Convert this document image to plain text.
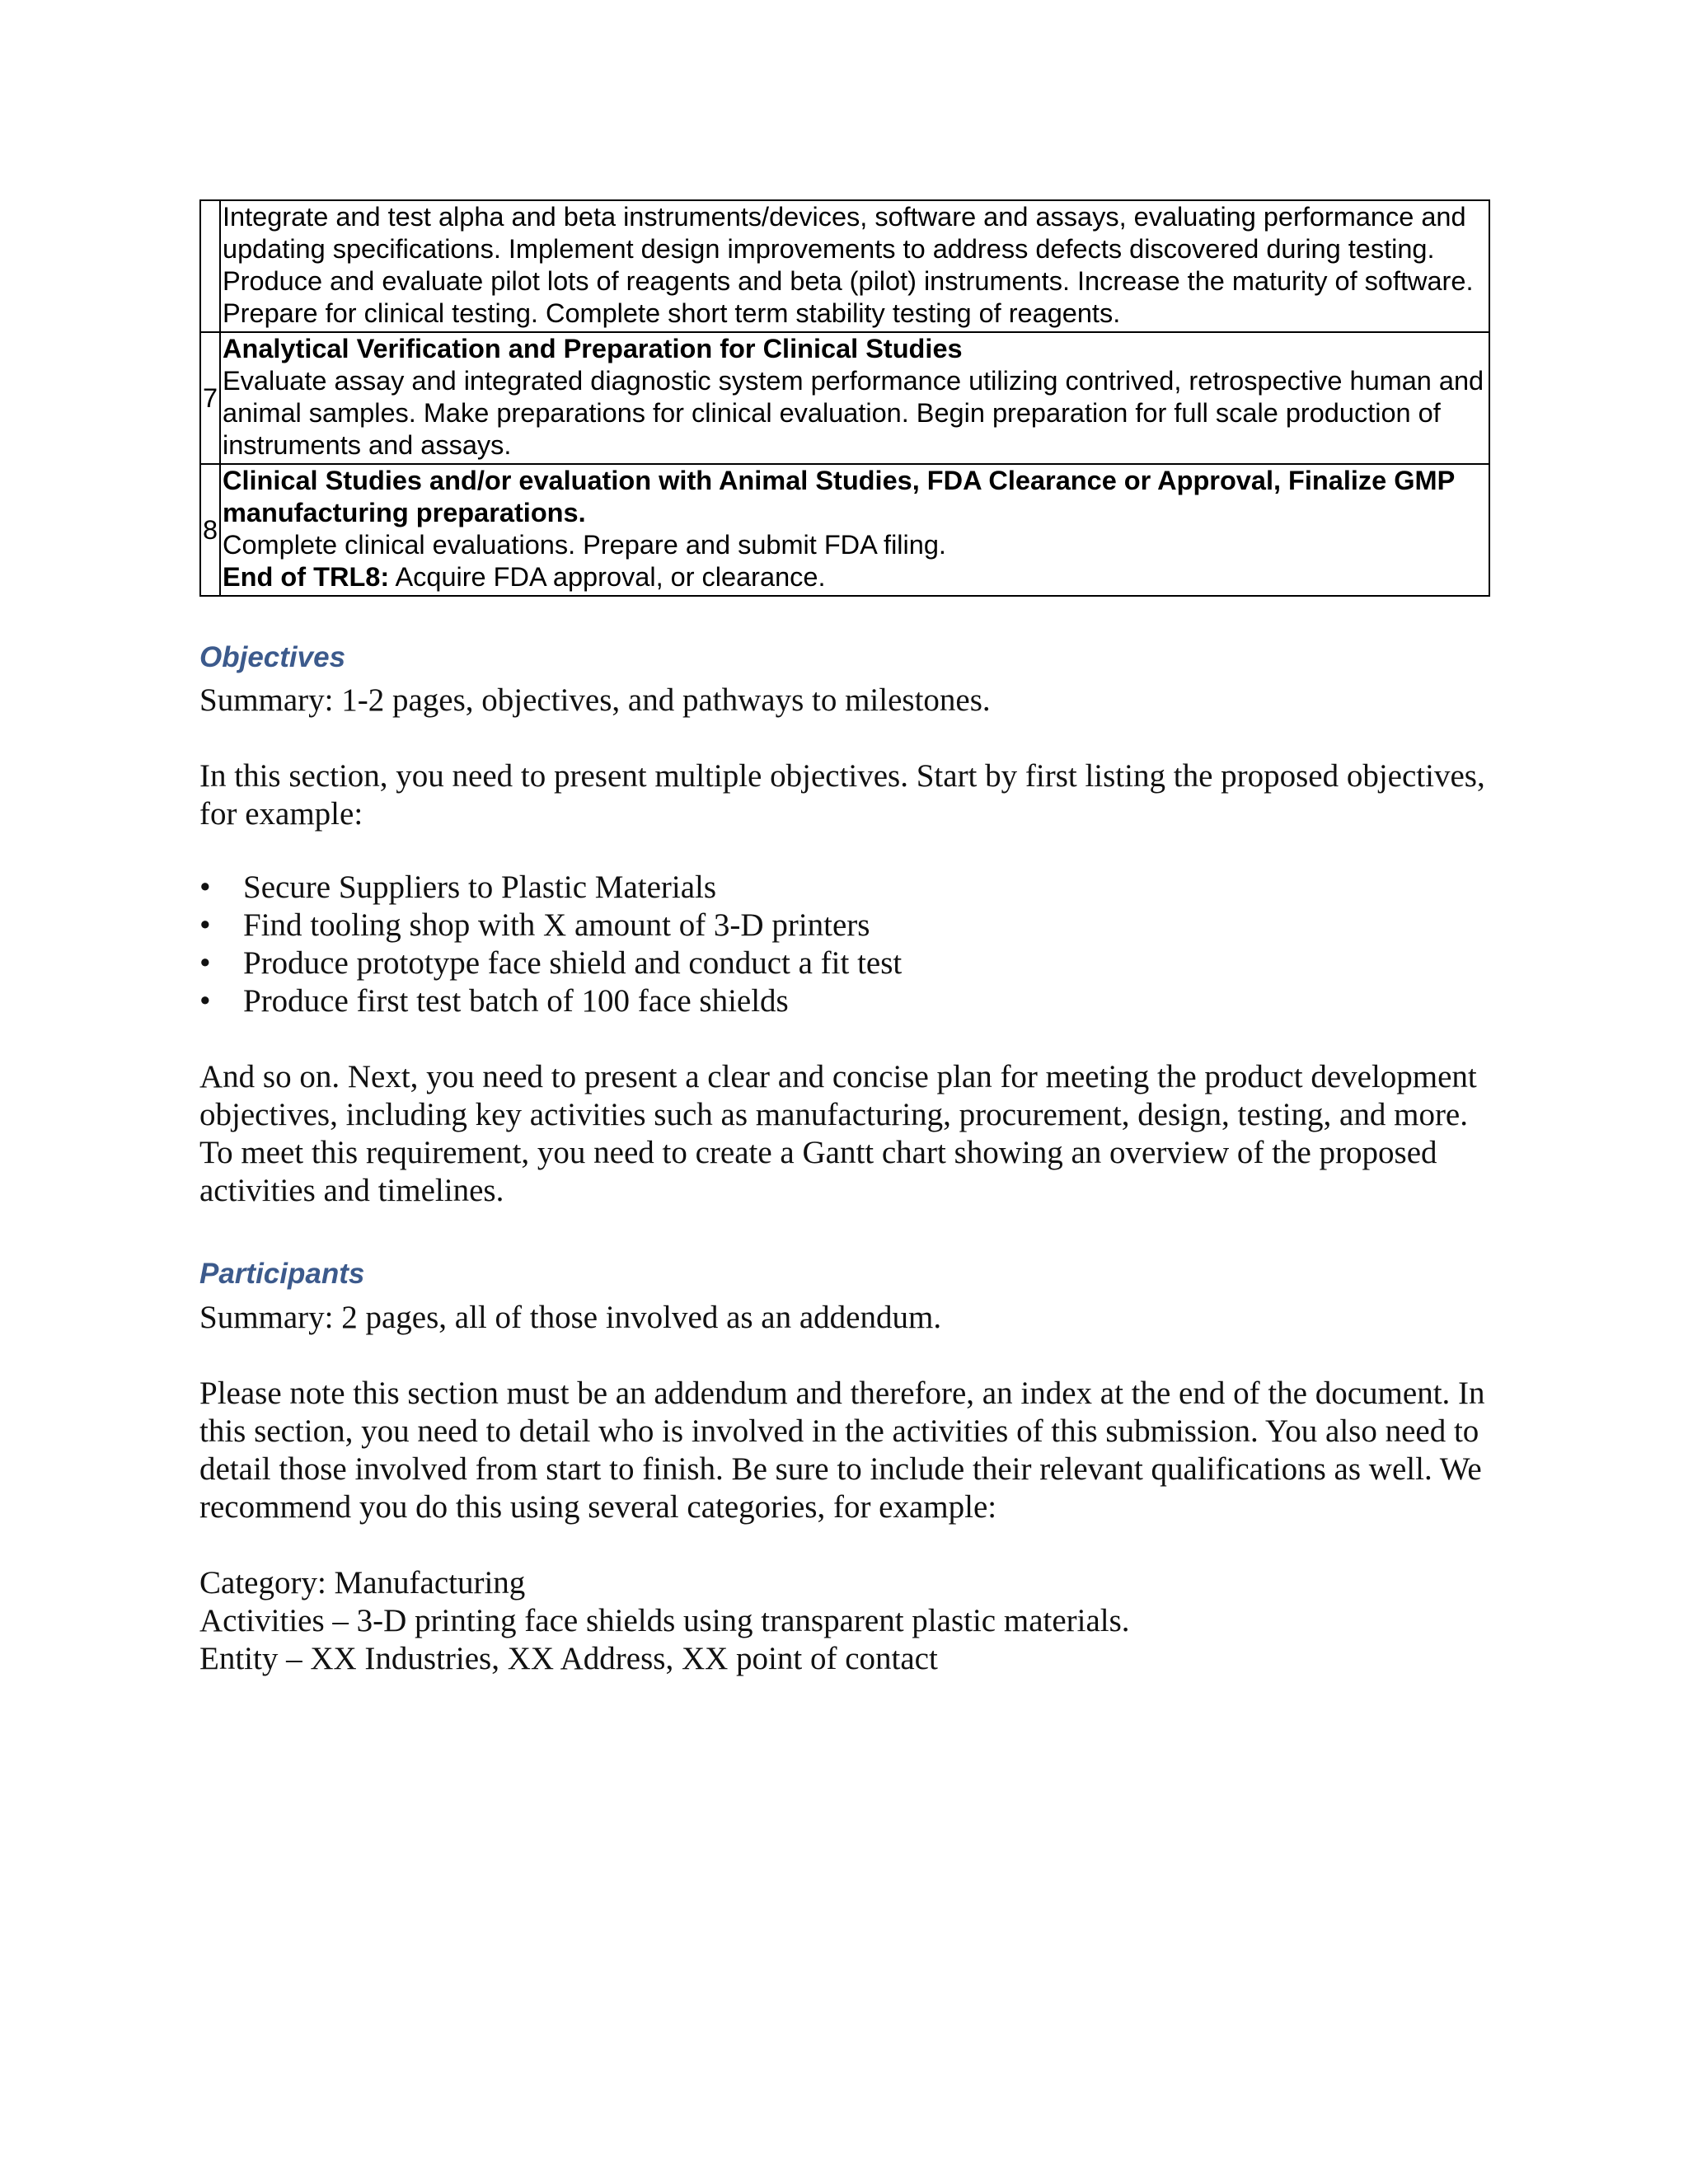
	Integrate and test alpha and beta instruments/devices, software and assays, evaluating performance and updating specifications. Implement design improvements to address defects discovered during testing. Produce and evaluate pilot lots of reagents and beta (pilot) instruments. Increase the maturity of software. Prepare for clinical testing. Complete short term stability testing of reagents.

7	Analytical Verification and Preparation for Clinical Studies
Evaluate assay and integrated diagnostic system performance utilizing contrived, retrospective human and animal samples. Make preparations for clinical evaluation. Begin preparation for full scale production of instruments and assays.

8	Clinical Studies and/or evaluation with Animal Studies, FDA Clearance or Approval, Finalize GMP manufacturing preparations.
Complete clinical evaluations. Prepare and submit FDA filing.
End of TRL8: Acquire FDA approval, or clearance.
Objectives

Summary: 1-2 pages, objectives, and pathways to milestones.

In this section, you need to present multiple objectives. Start by first listing the proposed objectives, for example:

• Secure Suppliers to Plastic Materials
• Find tooling shop with X amount of 3-D printers
• Produce prototype face shield and conduct a fit test
• Produce first test batch of 100 face shields

And so on. Next, you need to present a clear and concise plan for meeting the product development objectives, including key activities such as manufacturing, procurement, design, testing, and more. To meet this requirement, you need to create a Gantt chart showing an overview of the proposed activities and timelines.

Participants

Summary: 2 pages, all of those involved as an addendum.

Please note this section must be an addendum and therefore, an index at the end of the document. In this section, you need to detail who is involved in the activities of this submission. You also need to detail those involved from start to finish. Be sure to include their relevant qualifications as well. We recommend you do this using several categories, for example:

Category: Manufacturing

Activities – 3-D printing face shields using transparent plastic materials.

Entity – XX Industries, XX Address, XX point of contact
